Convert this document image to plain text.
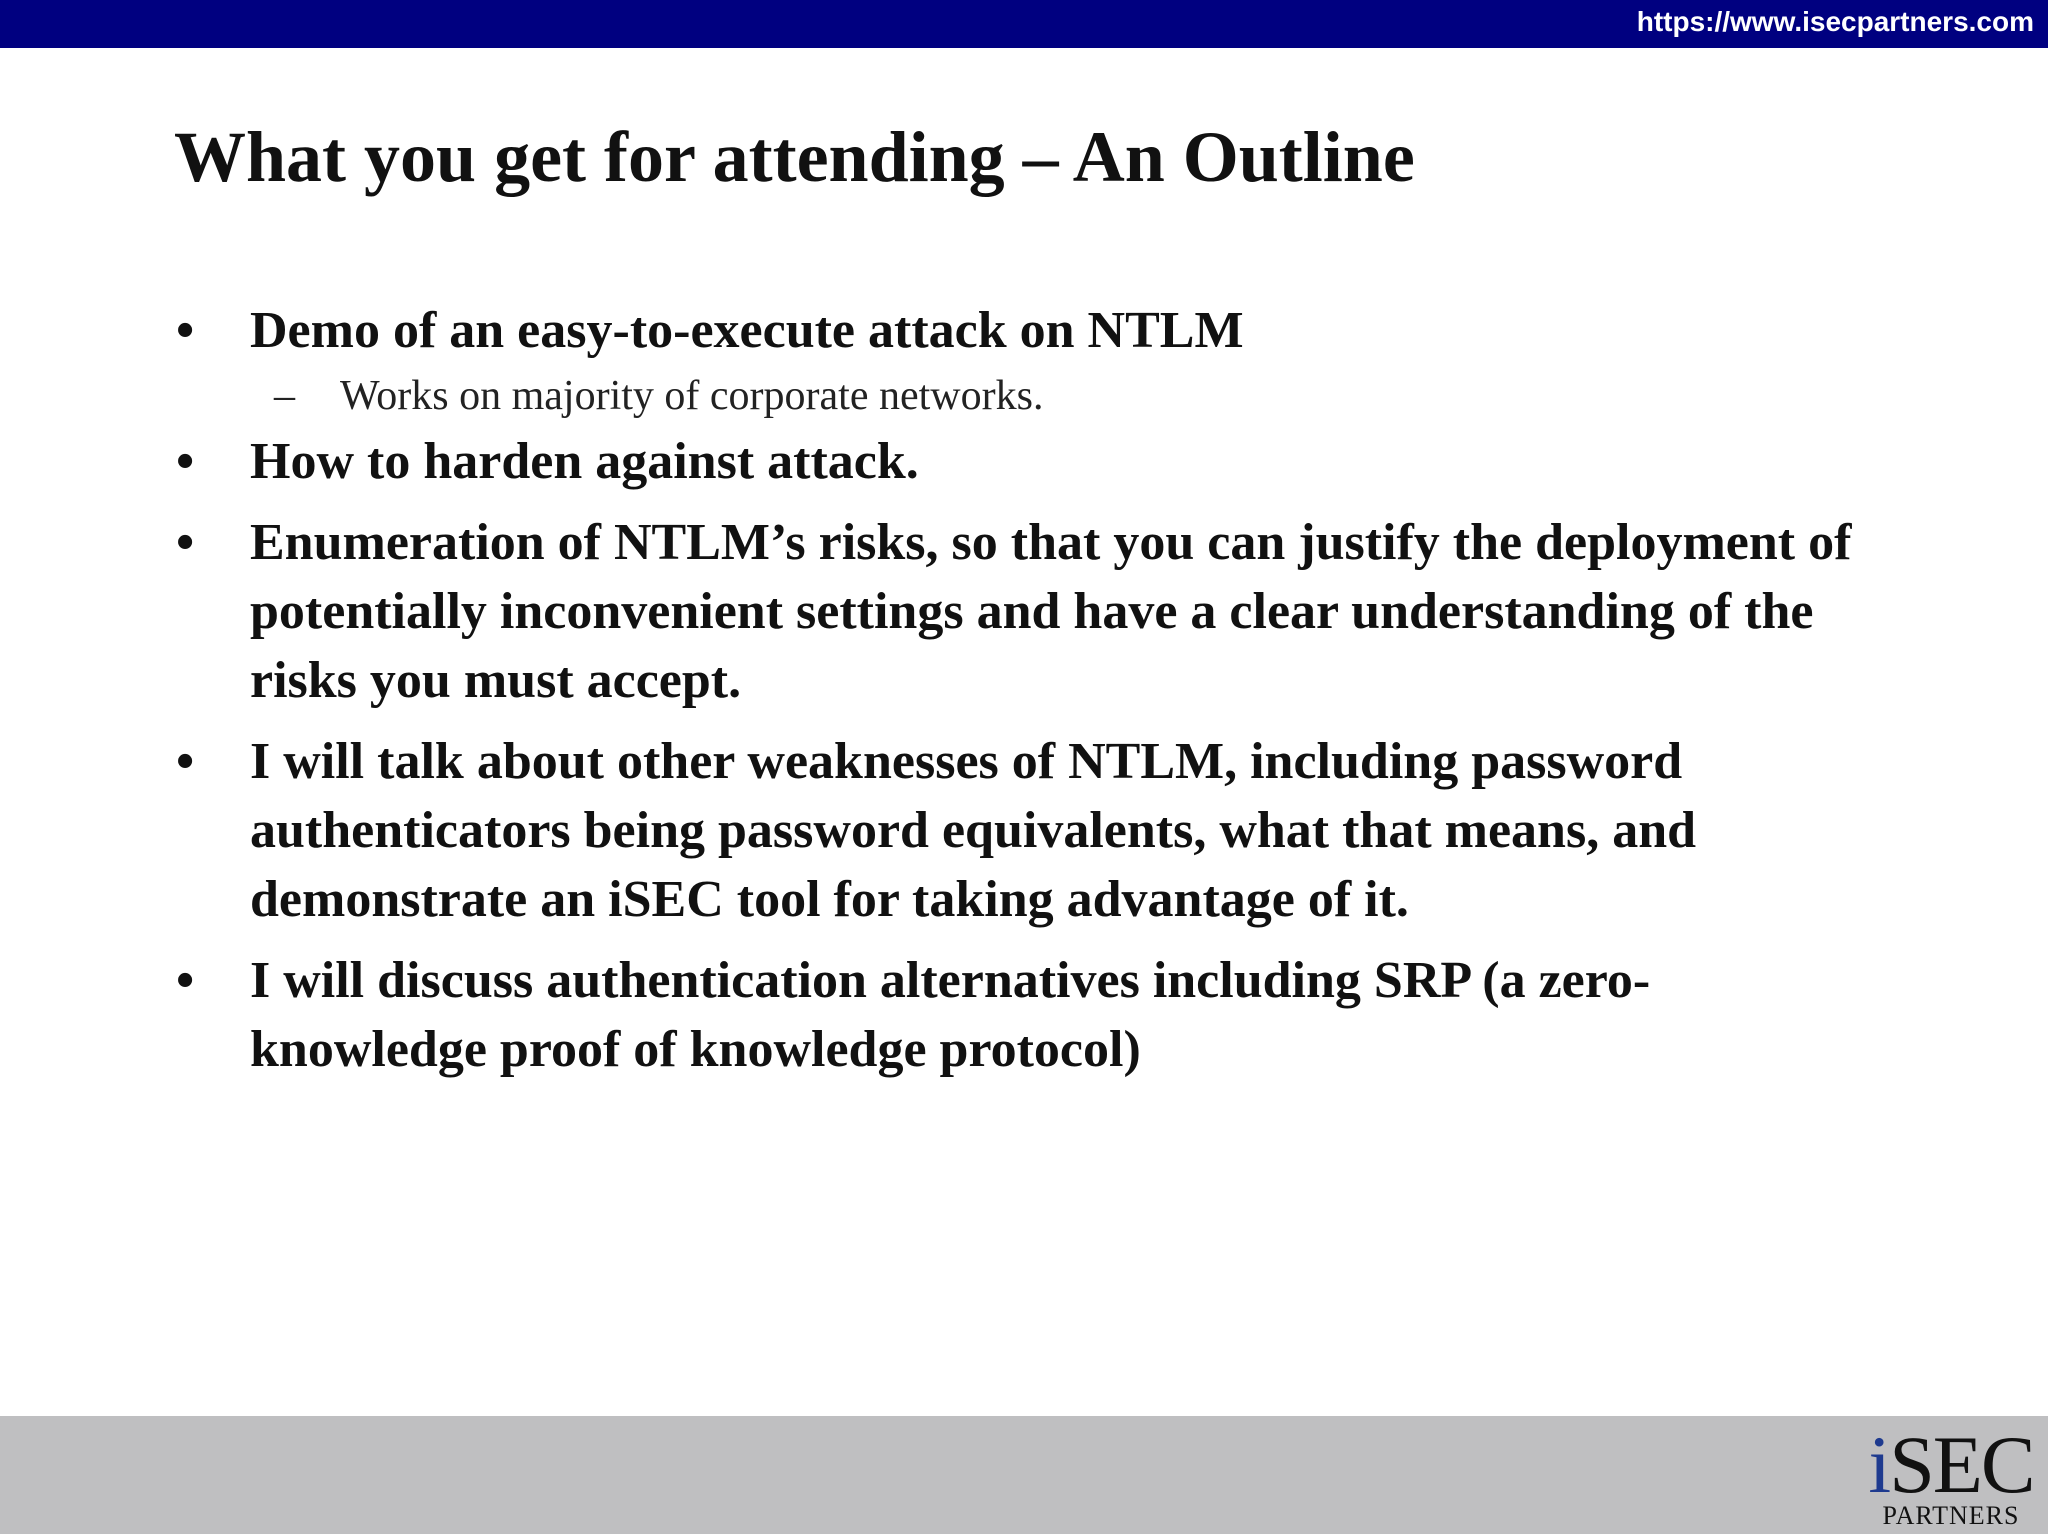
https://www.isecpartners.com
What you get for attending – An Outline
•	Demo of an easy-to-execute attack on NTLM
– Works on majority of corporate networks.
•	How to harden against attack.
•	Enumeration of NTLM’s risks, so that you can justify the deployment of potentially inconvenient settings and have a clear understanding of the risks you must accept.
•	I will talk about other weaknesses of NTLM, including password authenticators being password equivalents, what that means, and demonstrate an iSEC tool for taking advantage of it.
•	I will discuss authentication alternatives including SRP (a zero-knowledge proof of knowledge protocol)
iSEC
PARTNERS
